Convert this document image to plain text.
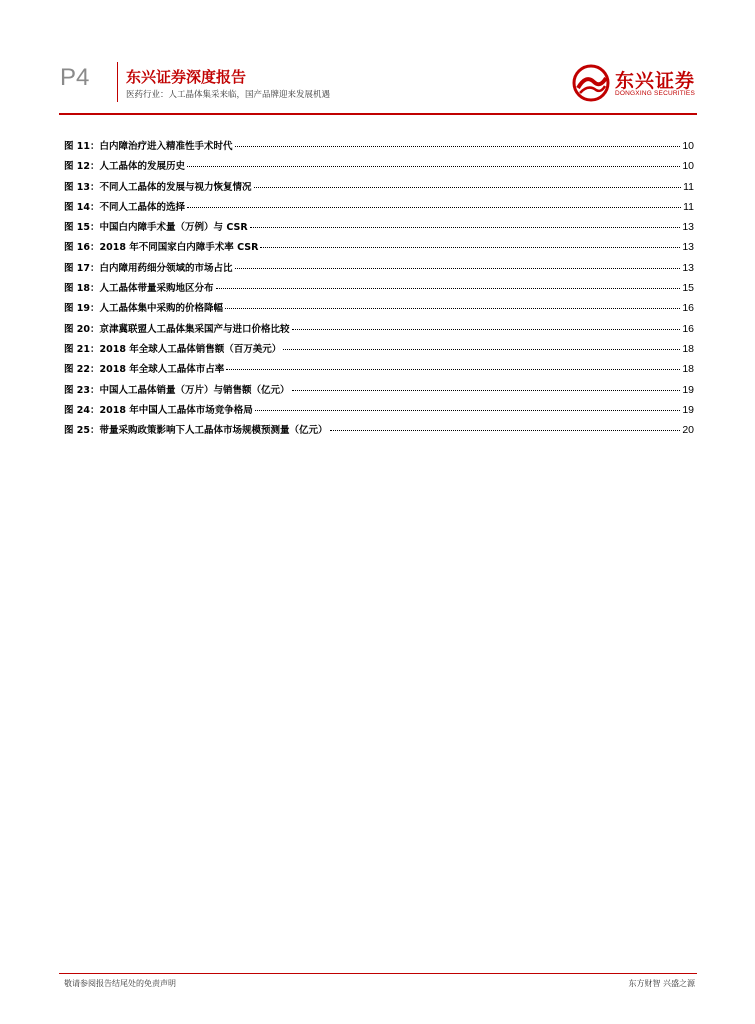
P4 东兴证券深度报告
医药行业：人工晶体集采来临，国产品牌迎来发展机遇
东兴证券
DONGXING SECURITIES
图 11：白内障治疗进入精准性手术时代	10
图 12：人工晶体的发展历史	10
图 13：不同人工晶体的发展与视力恢复情况	11
图 14：不同人工晶体的选择	11
图 15：中国白内障手术量（万例）与 CSR	13
图 16：2018 年不同国家白内障手术率 CSR	13
图 17：白内障用药细分领域的市场占比	13
图 18：人工晶体带量采购地区分布	15
图 19：人工晶体集中采购的价格降幅	16
图 20：京津冀联盟人工晶体集采国产与进口价格比较	16
图 21：2018 年全球人工晶体销售额（百万美元）	18
图 22：2018 年全球人工晶体市占率	18
图 23：中国人工晶体销量（万片）与销售额（亿元）	19
图 24：2018 年中国人工晶体市场竞争格局	19
图 25：带量采购政策影响下人工晶体市场规模预测量（亿元）	20
敬请参阅报告结尾处的免责声明	东方财智 兴盛之源
